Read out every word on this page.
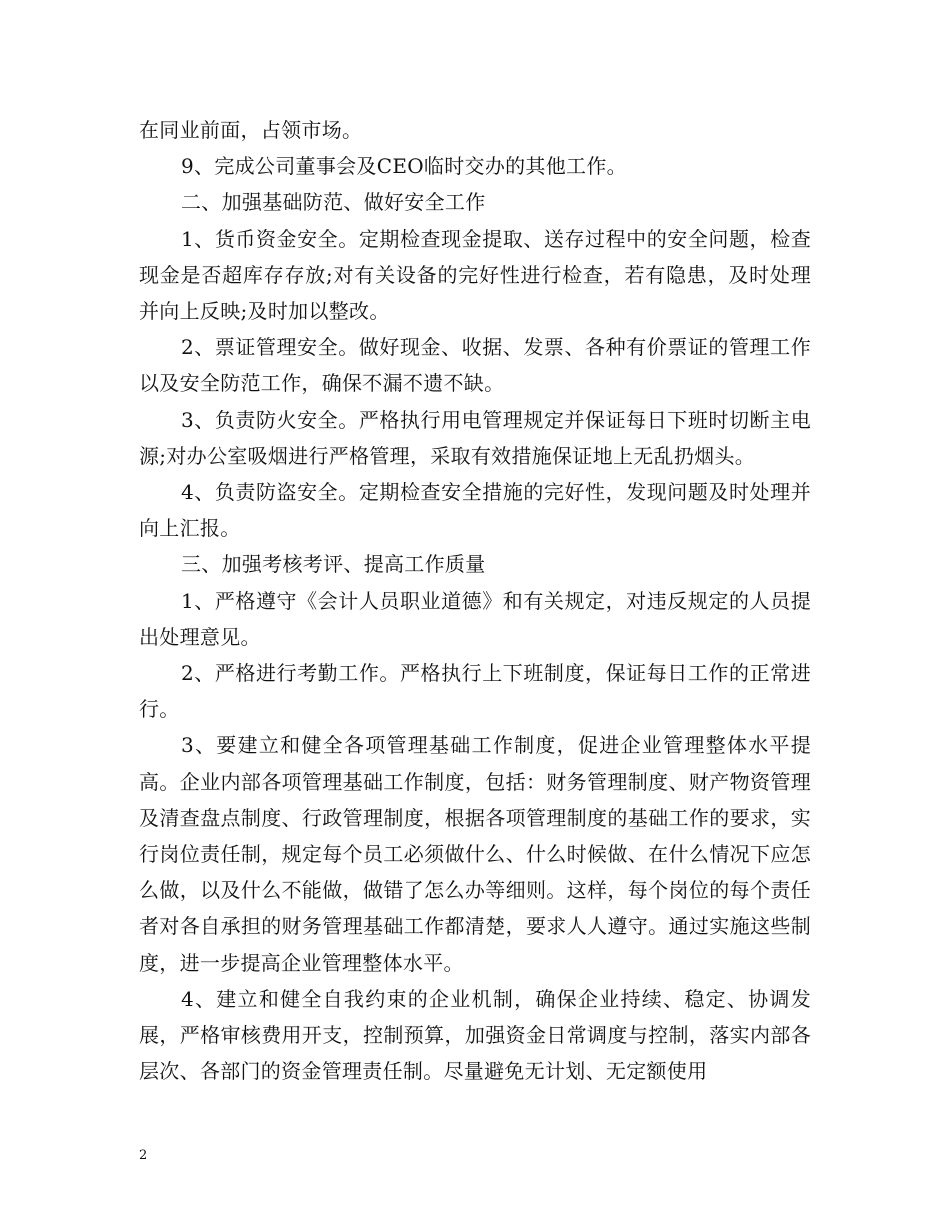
在同业前面，占领市场。

9、完成公司董事会及CEO临时交办的其他工作。

二、加强基础防范、做好安全工作

1、货币资金安全。定期检查现金提取、送存过程中的安全问题，检查现金是否超库存存放;对有关设备的完好性进行检查，若有隐患，及时处理并向上反映;及时加以整改。

2、票证管理安全。做好现金、收据、发票、各种有价票证的管理工作以及安全防范工作，确保不漏不遗不缺。

3、负责防火安全。严格执行用电管理规定并保证每日下班时切断主电源;对办公室吸烟进行严格管理，采取有效措施保证地上无乱扔烟头。

4、负责防盗安全。定期检查安全措施的完好性，发现问题及时处理并向上汇报。

三、加强考核考评、提高工作质量

1、严格遵守《会计人员职业道德》和有关规定，对违反规定的人员提出处理意见。

2、严格进行考勤工作。严格执行上下班制度，保证每日工作的正常进行。

3、要建立和健全各项管理基础工作制度，促进企业管理整体水平提高。企业内部各项管理基础工作制度，包括：财务管理制度、财产物资管理及清查盘点制度、行政管理制度，根据各项管理制度的基础工作的要求，实行岗位责任制，规定每个员工必须做什么、什么时候做、在什么情况下应怎么做，以及什么不能做，做错了怎么办等细则。这样，每个岗位的每个责任者对各自承担的财务管理基础工作都清楚，要求人人遵守。通过实施这些制度，进一步提高企业管理整体水平。

4、建立和健全自我约束的企业机制，确保企业持续、稳定、协调发展，严格审核费用开支，控制预算，加强资金日常调度与控制，落实内部各层次、各部门的资金管理责任制。尽量避免无计划、无定额使用

2
